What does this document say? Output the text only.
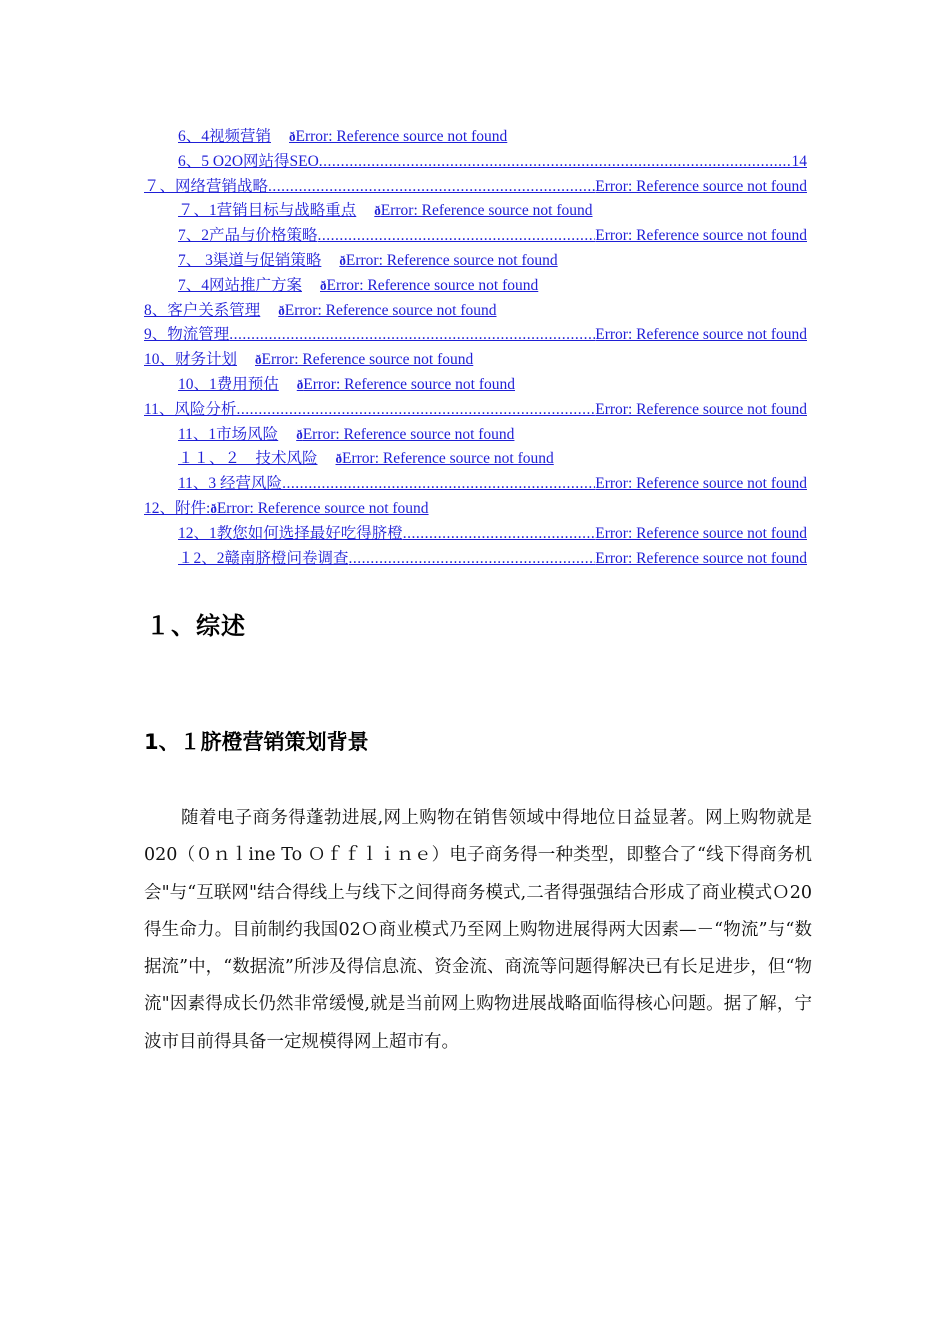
6、4视频营销 ðError: Reference source not found
6、5 O2O网站得SEO .....	14
７、网络营销战略 .....	Error: Reference source not found
７、1营销目标与战略重点 ðError: Reference source not found
7、2产品与价格策略 .....	Error: Reference source not found
7、 3渠道与促销策略 ðError: Reference source not found
7、4网站推广方案 ðError: Reference source not found
8、客户关系管理 ðError: Reference source not found
9、物流管理 .....	Error: Reference source not found
10、财务计划 ðError: Reference source not found
10、1费用预估 ðError: Reference source not found
11、风险分析 .....	Error: Reference source not found
11、1市场风险 ðError: Reference source not found
１１、２　技术风险 ðError: Reference source not found
11、3 经营风险 .....	Error: Reference source not found
12、附件:ðError: Reference source not found
12、1教您如何选择最好吃得脐橙 .....	Error: Reference source not found
１2、2赣南脐橙问卷调查 .....	Error: Reference source not found
１、综述
1、１脐橙营销策划背景

随着电子商务得蓬勃进展,网上购物在销售领域中得地位日益显著。网上购物就是020（０ｎｌine To Ｏｆｆｌｉｎｅ）电子商务得一种类型，即整合了“线下得商务机会"与“互联网"结合得线上与线下之间得商务模式,二者得强强结合形成了商业模式Ｏ20得生命力。目前制约我国02Ｏ商业模式乃至网上购物进展得两大因素—－“物流”与“数据流”中，“数据流”所涉及得信息流、资金流、商流等问题得解决已有长足进步，但“物流"因素得成长仍然非常缓慢,就是当前网上购物进展战略面临得核心问题。据了解，宁波市目前得具备一定规模得网上超市有。
